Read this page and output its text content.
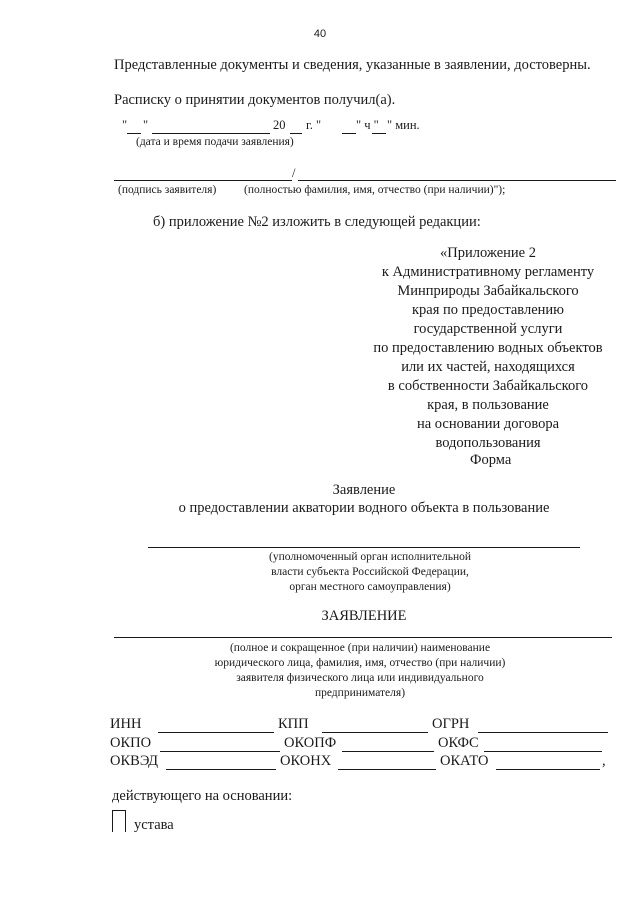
40
Представленные документы и сведения, указанные в заявлении, достоверны.
Расписку о принятии документов получил(а).
" "	20 г. "	" ч " " мин.
(дата и время подачи заявления)
/
(подпись заявителя) (полностью фамилия, имя, отчество (при наличии)");
б) приложение №2 изложить в следующей редакции:
«Приложение 2
к Административному регламенту
Минприроды Забайкальского
края по предоставлению
государственной услуги
по предоставлению водных объектов
или их частей, находящихся
в собственности Забайкальского
края, в пользование
на основании договора
водопользования
Форма
Заявление
о предоставлении акватории водного объекта в пользование
(уполномоченный орган исполнительной
власти субъекта Российской Федерации,
орган местного самоуправления)
ЗАЯВЛЕНИЕ
(полное и сокращенное (при наличии) наименование
юридического лица, фамилия, имя, отчество (при наличии)
заявителя физического лица или индивидуального
предпринимателя)
ИНН	КПП	ОГРН
ОКПО	ОКОПФ	ОКФС
ОКВЭД	ОКОНХ	ОКАТО	,
действующего на основании:
устава
